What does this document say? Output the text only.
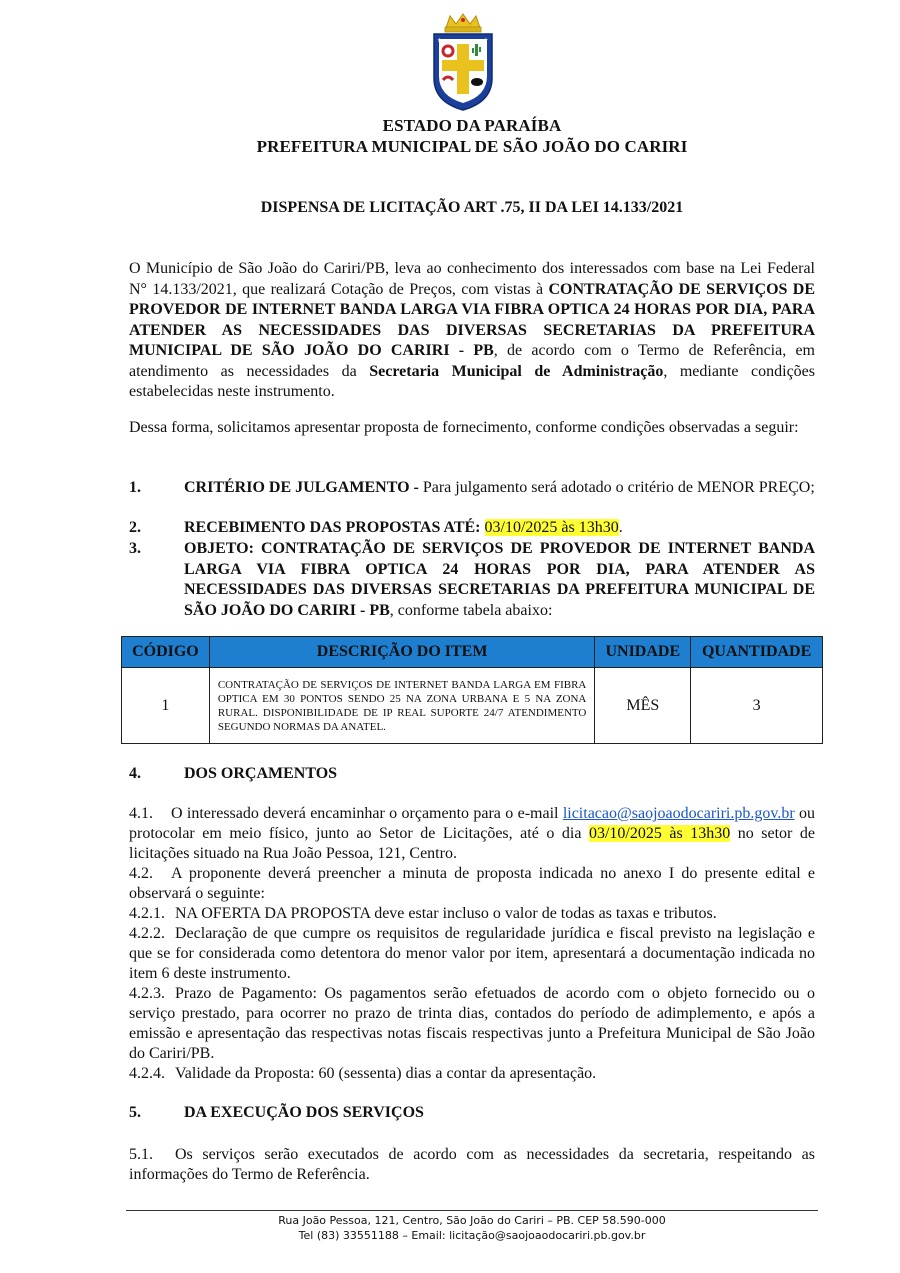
★	★
ESTADO DA PARAÍBA
PREFEITURA MUNICIPAL DE SÃO JOÃO DO CARIRI
DISPENSA DE LICITAÇÃO ART .75, II DA LEI 14.133/2021
O Município de São João do Cariri/PB, leva ao conhecimento dos interessados com base na Lei Federal N° 14.133/2021, que realizará Cotação de Preços, com vistas à CONTRATAÇÃO DE SERVIÇOS DE PROVEDOR DE INTERNET BANDA LARGA VIA FIBRA OPTICA 24 HORAS POR DIA, PARA ATENDER AS NECESSIDADES DAS DIVERSAS SECRETARIAS DA PREFEITURA MUNICIPAL DE SÃO JOÃO DO CARIRI - PB, de acordo com o Termo de Referência, em atendimento as necessidades da Secretaria Municipal de Administração, mediante condições estabelecidas neste instrumento.
Dessa forma, solicitamos apresentar proposta de fornecimento, conforme condições observadas a seguir:
1.	CRITÉRIO DE JULGAMENTO - Para julgamento será adotado o critério de MENOR PREÇO;
2.	RECEBIMENTO DAS PROPOSTAS ATÉ: 03/10/2025 às 13h30.
3.	OBJETO: CONTRATAÇÃO DE SERVIÇOS DE PROVEDOR DE INTERNET BANDA LARGA VIA FIBRA OPTICA 24 HORAS POR DIA, PARA ATENDER AS NECESSIDADES DAS DIVERSAS SECRETARIAS DA PREFEITURA MUNICIPAL DE SÃO JOÃO DO CARIRI - PB, conforme tabela abaixo:
CÓDIGO	DESCRIÇÃO DO ITEM	UNIDADE	QUANTIDADE
1	CONTRATAÇÃO DE SERVIÇOS DE INTERNET BANDA LARGA EM FIBRA OPTICA EM 30 PONTOS SENDO 25 NA ZONA URBANA E 5 NA ZONA RURAL. DISPONIBILIDADE DE IP REAL SUPORTE 24/7 ATENDIMENTO SEGUNDO NORMAS DA ANATEL.	MÊS	3
4.	DOS ORÇAMENTOS
4.1. O interessado deverá encaminhar o orçamento para o e-mail licitacao@saojoaodocariri.pb.gov.br ou protocolar em meio físico, junto ao Setor de Licitações, até o dia 03/10/2025 às 13h30 no setor de licitações situado na Rua João Pessoa, 121, Centro.
4.2. A proponente deverá preencher a minuta de proposta indicada no anexo I do presente edital e observará o seguinte:
4.2.1. NA OFERTA DA PROPOSTA deve estar incluso o valor de todas as taxas e tributos.
4.2.2. Declaração de que cumpre os requisitos de regularidade jurídica e fiscal previsto na legislação e que se for considerada como detentora do menor valor por item, apresentará a documentação indicada no item 6 deste instrumento.
4.2.3. Prazo de Pagamento: Os pagamentos serão efetuados de acordo com o objeto fornecido ou o serviço prestado, para ocorrer no prazo de trinta dias, contados do período de adimplemento, e após a emissão e apresentação das respectivas notas fiscais respectivas junto a Prefeitura Municipal de São João do Cariri/PB.
4.2.4. Validade da Proposta: 60 (sessenta) dias a contar da apresentação.
5.	DA EXECUÇÃO DOS SERVIÇOS
5.1. Os serviços serão executados de acordo com as necessidades da secretaria, respeitando as informações do Termo de Referência.
Rua João Pessoa, 121, Centro, São João do Cariri – PB. CEP 58.590-000
Tel (83) 33551188 – Email: licitação@saojoaodocariri.pb.gov.br
